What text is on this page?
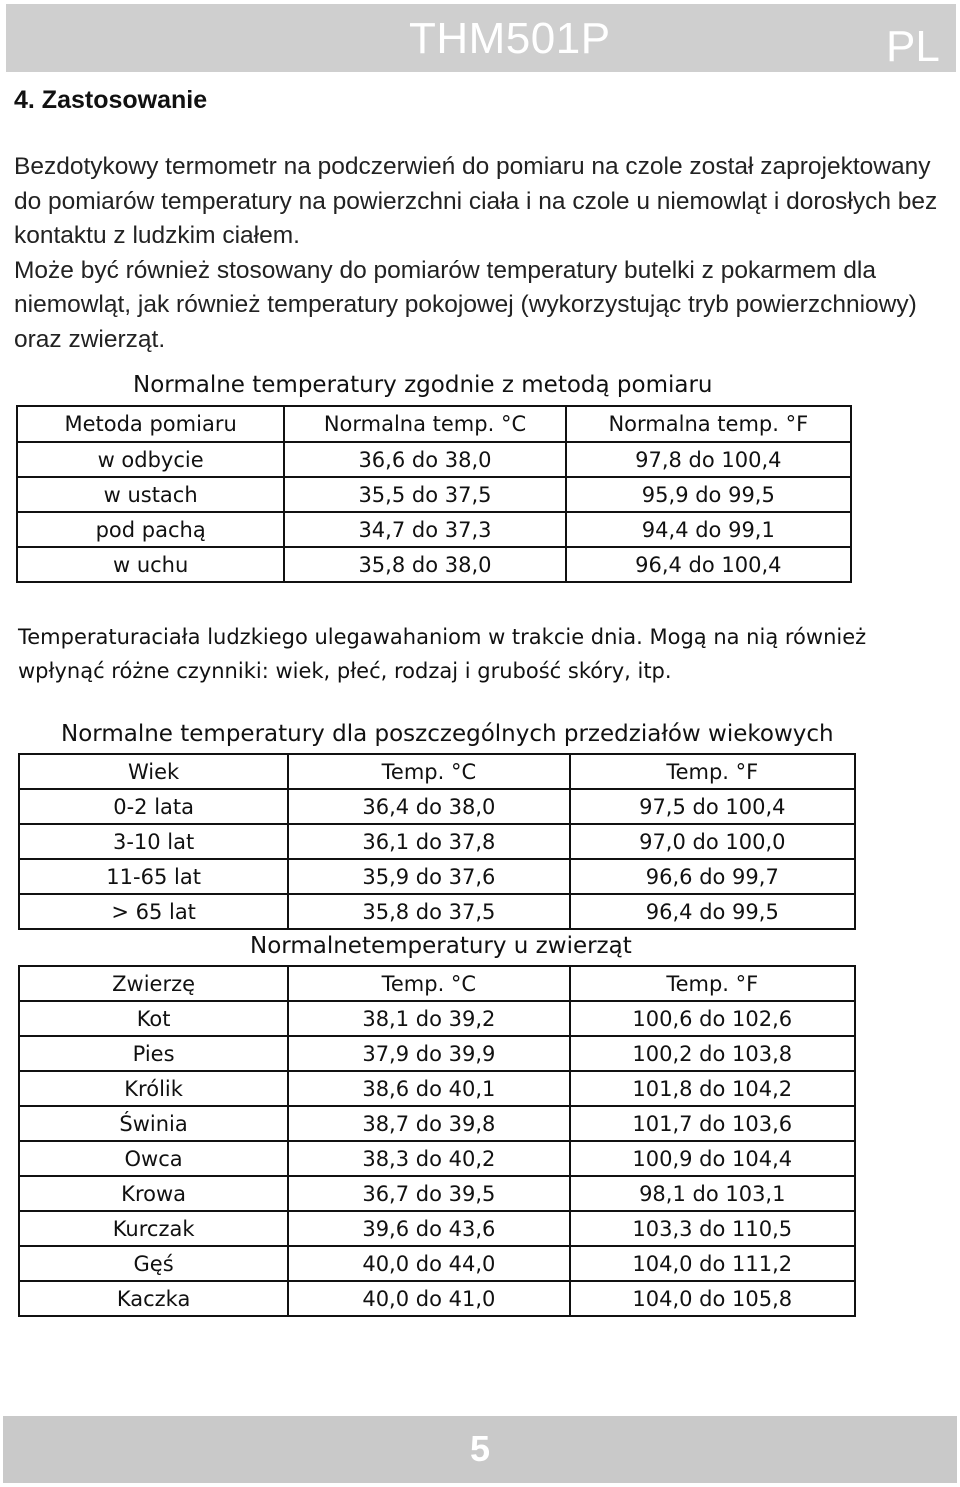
THM501P	PL
4. Zastosowanie

Bezdotykowy termometr na podczerwień do pomiaru na czole został zaprojektowany do pomiarów temperatury na powierzchni ciała i na czole u niemowląt i dorosłych bez kontaktu z ludzkim ciałem.

Może być również stosowany do pomiarów temperatury butelki z pokarmem dla niemowląt, jak również temperatury pokojowej (wykorzystując tryb powierzchniowy) oraz zwierząt.

Normalne temperatury zgodnie z metodą pomiaru
Metoda pomiaru	Normalna temp. °C	Normalna temp. °F
w odbycie	36,6 do 38,0	97,8 do 100,4
w ustach	35,5 do 37,5	95,9 do 99,5
pod pachą	34,7 do 37,3	94,4 do 99,1
w uchu	35,8 do 38,0	96,4 do 100,4

Temperaturaciała ludzkiego ulegawahaniom w trakcie dnia. Mogą na nią również

wpłynąć różne czynniki: wiek, płeć, rodzaj i grubość skóry, itp.

Normalne temperatury dla poszczególnych przedziałów wiekowych
Wiek	Temp. °C	Temp. °F
0-2 lata	36,4 do 38,0	97,5 do 100,4
3-10 lat	36,1 do 37,8	97,0 do 100,0
11-65 lat	35,9 do 37,6	96,6 do 99,7
> 65 lat	35,8 do 37,5	96,4 do 99,5
Normalnetemperatury u zwierząt
Zwierzę	Temp. °C	Temp. °F
Kot	38,1 do 39,2	100,6 do 102,6
Pies	37,9 do 39,9	100,2 do 103,8
Królik	38,6 do 40,1	101,8 do 104,2
Świnia	38,7 do 39,8	101,7 do 103,6
Owca	38,3 do 40,2	100,9 do 104,4
Krowa	36,7 do 39,5	98,1 do 103,1
Kurczak	39,6 do 43,6	103,3 do 110,5
Gęś	40,0 do 44,0	104,0 do 111,2
Kaczka	40,0 do 41,0	104,0 do 105,8
5
